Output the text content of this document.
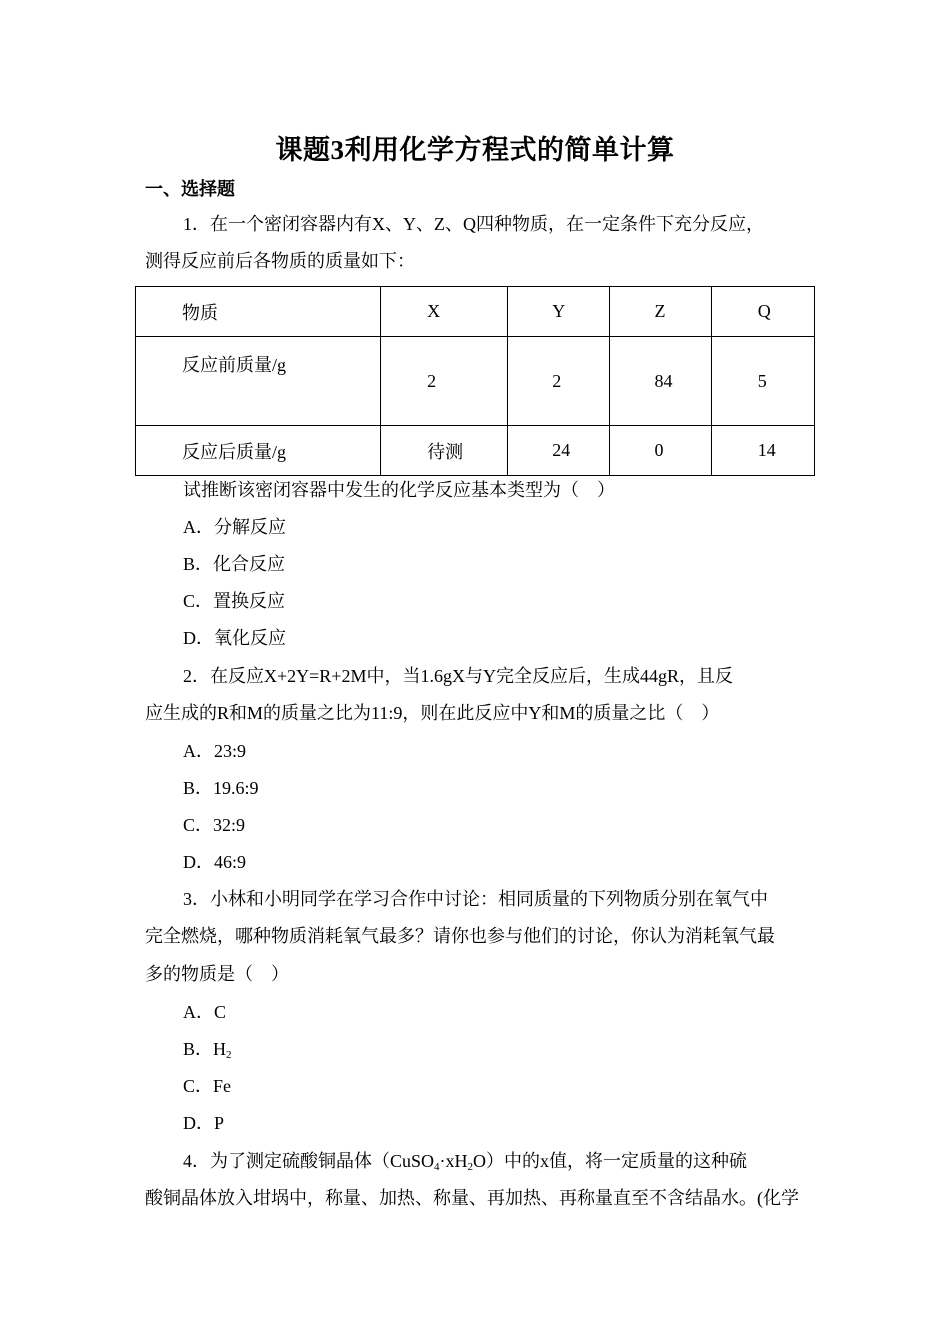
课题3利用化学方程式的简单计算
一、选择题
1．在一个密闭容器内有X、Y、Z、Q四种物质，在一定条件下充分反应，
测得反应前后各物质的质量如下：
物质	X	Y	Z	Q
反应前质量/g	2	2	84	5
反应后质量/g	待测	24	0	14
试推断该密闭容器中发生的化学反应基本类型为（　）
A．分解反应
B．化合反应
C．置换反应
D．氧化反应
2．在反应X+2Y=R+2M中，当1.6gX与Y完全反应后，生成44gR，且反
应生成的R和M的质量之比为11:9，则在此反应中Y和M的质量之比（　）
A．23:9
B．19.6:9
C．32:9
D．46:9
3．小林和小明同学在学习合作中讨论：相同质量的下列物质分别在氧气中
完全燃烧，哪种物质消耗氧气最多？请你也参与他们的讨论，你认为消耗氧气最
多的物质是（　）
A．C
B．$H_2$
C．Fe
D．P
4．为了测定硫酸铜晶体$(CuSO_4\cdot xH_2O)$中的x值，将一定质量的这种硫
酸铜晶体放入坩埚中，称量、加热、称量、再加热、再称量直至不含结晶水。(化学
